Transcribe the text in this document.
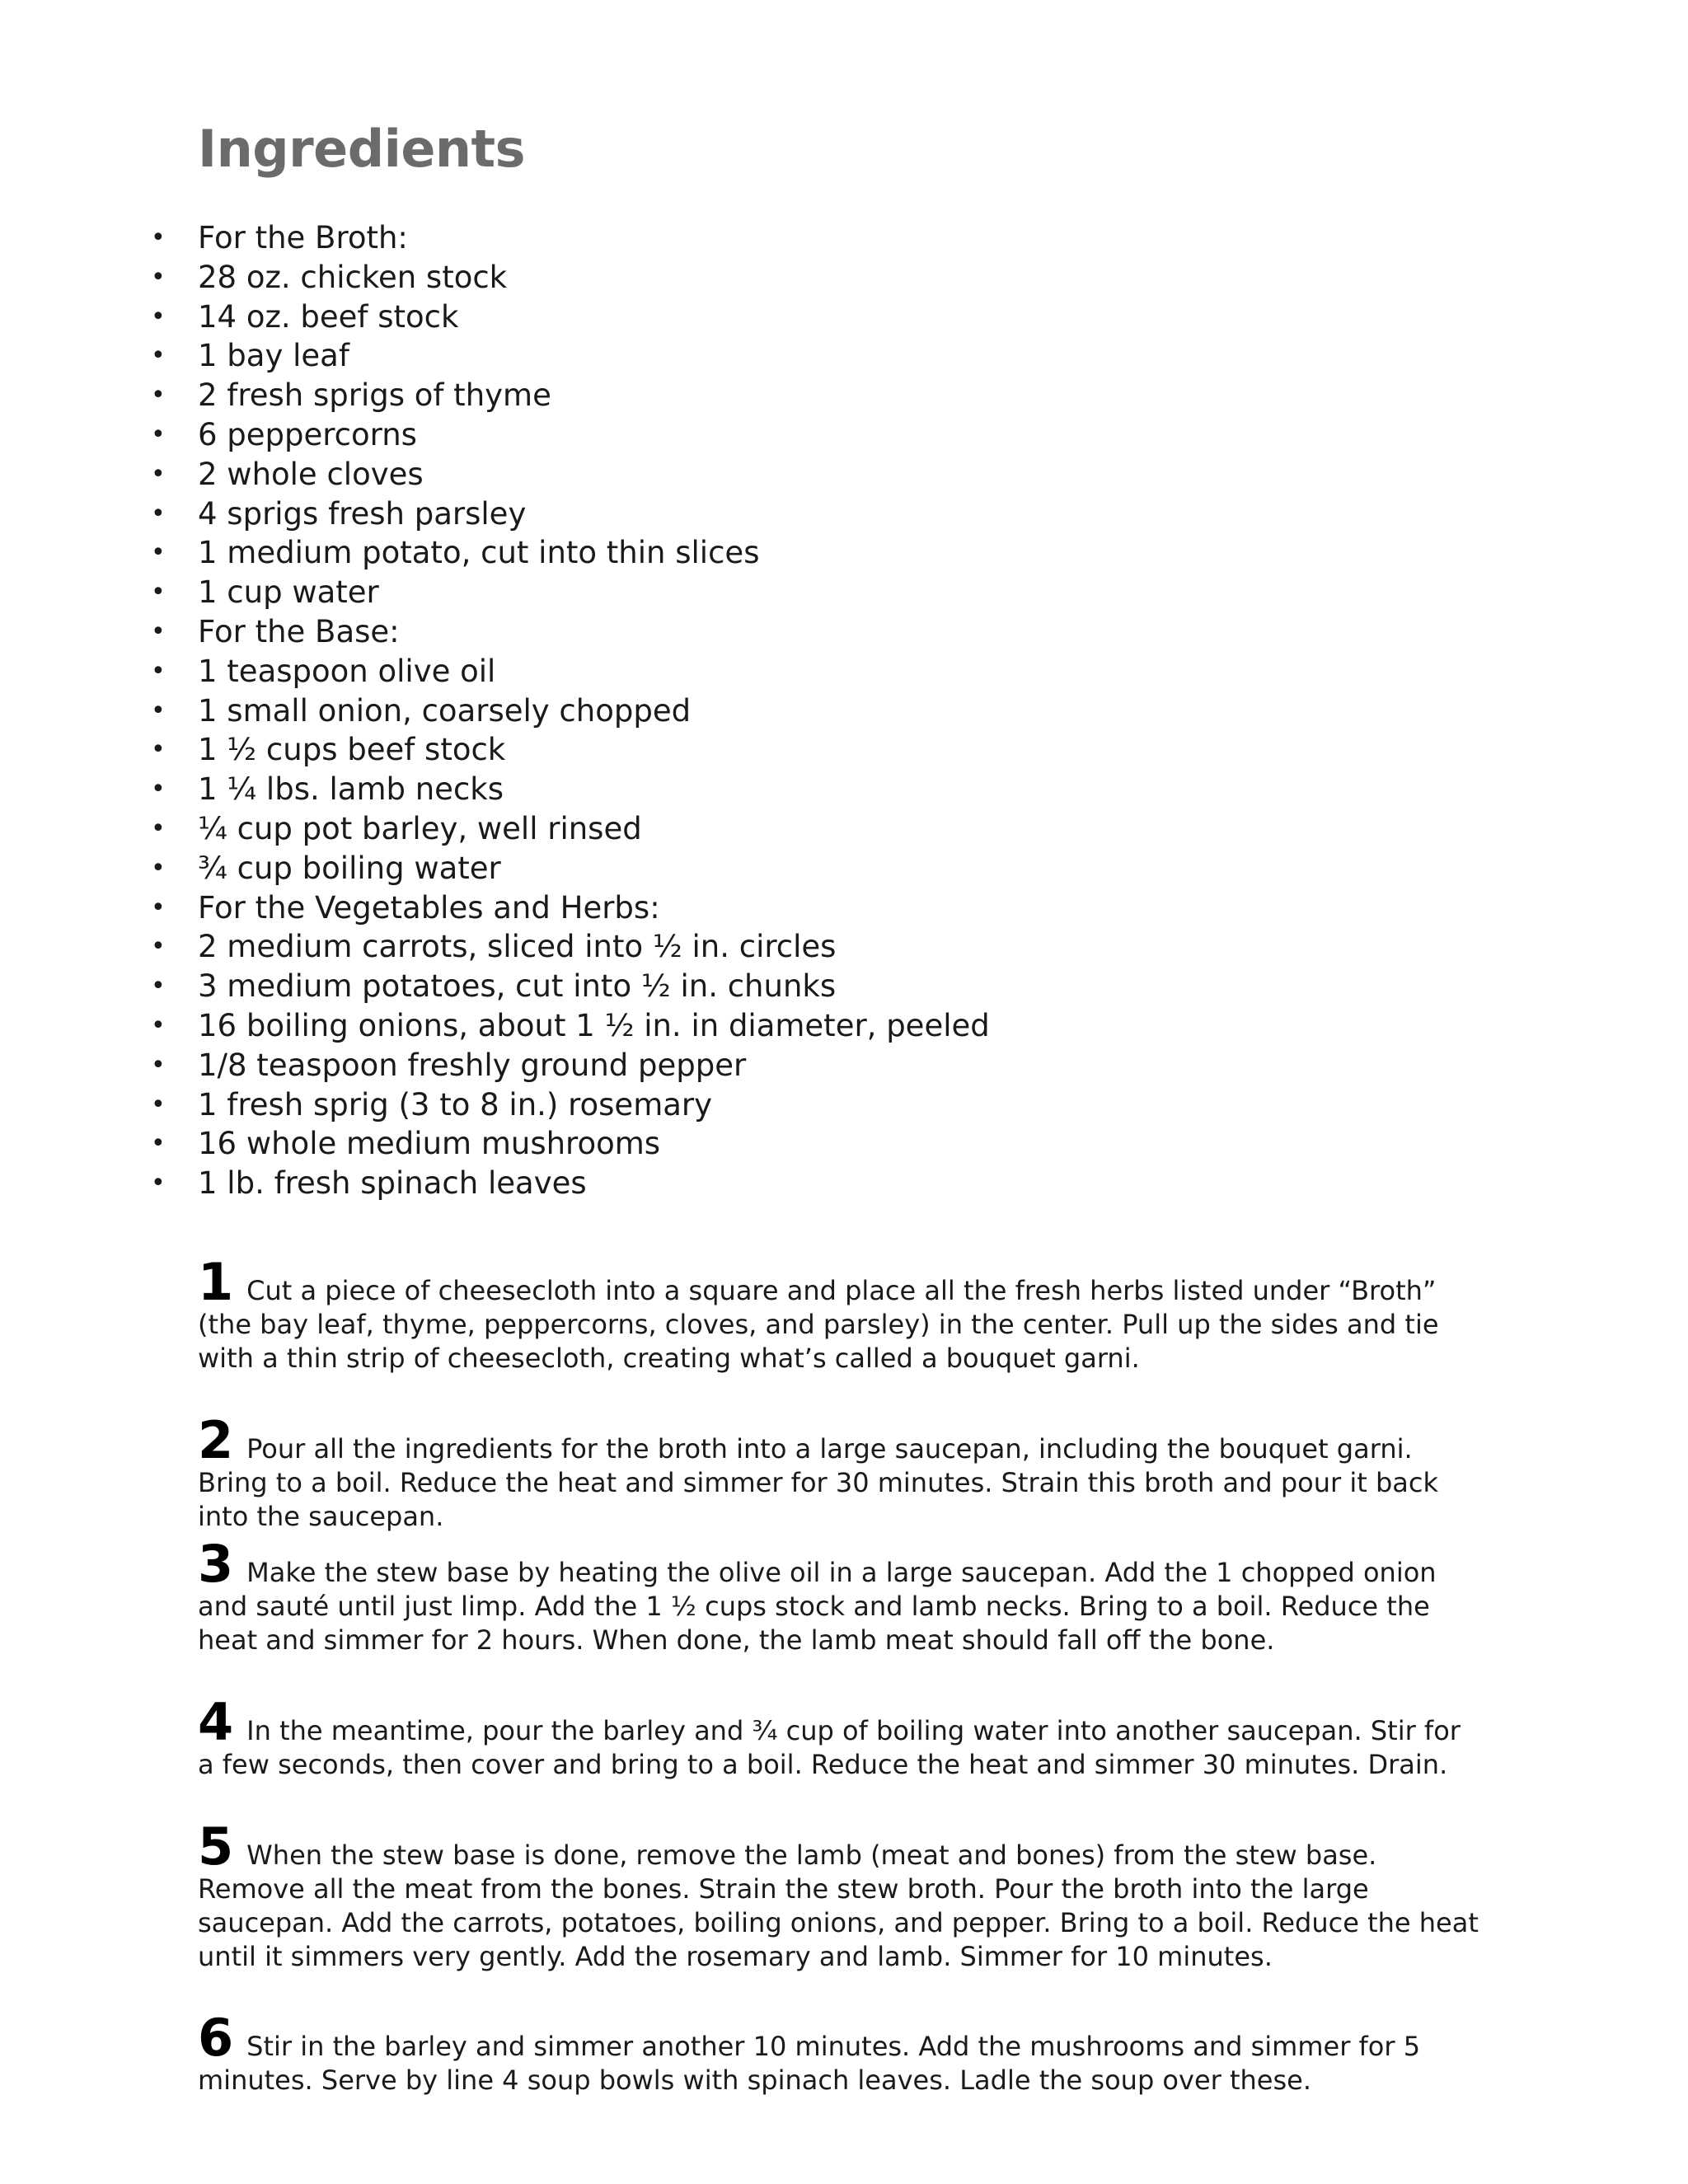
Ingredients
• For the Broth:
• 28 oz. chicken stock
• 14 oz. beef stock
• 1 bay leaf
• 2 fresh sprigs of thyme
• 6 peppercorns
• 2 whole cloves
• 4 sprigs fresh parsley
• 1 medium potato, cut into thin slices
• 1 cup water
• For the Base:
• 1 teaspoon olive oil
• 1 small onion, coarsely chopped
• 1 ½ cups beef stock
• 1 ¼ lbs. lamb necks
• ¼ cup pot barley, well rinsed
• ¾ cup boiling water
• For the Vegetables and Herbs:
• 2 medium carrots, sliced into ½ in. circles
• 3 medium potatoes, cut into ½ in. chunks
• 16 boiling onions, about 1 ½ in. in diameter, peeled
• 1/8 teaspoon freshly ground pepper
• 1 fresh sprig (3 to 8 in.) rosemary
• 16 whole medium mushrooms
• 1 lb. fresh spinach leaves

1 Cut a piece of cheesecloth into a square and place all the fresh herbs listed under “Broth” (the bay leaf, thyme, peppercorns, cloves, and parsley) in the center. Pull up the sides and tie with a thin strip of cheesecloth, creating what’s called a bouquet garni.

2 Pour all the ingredients for the broth into a large saucepan, including the bouquet garni. Bring to a boil. Reduce the heat and simmer for 30 minutes. Strain this broth and pour it back into the saucepan.

3 Make the stew base by heating the olive oil in a large saucepan. Add the 1 chopped onion and sauté until just limp. Add the 1 ½ cups stock and lamb necks. Bring to a boil. Reduce the heat and simmer for 2 hours. When done, the lamb meat should fall off the bone.

4 In the meantime, pour the barley and ¾ cup of boiling water into another saucepan. Stir for a few seconds, then cover and bring to a boil. Reduce the heat and simmer 30 minutes. Drain.

5 When the stew base is done, remove the lamb (meat and bones) from the stew base. Remove all the meat from the bones. Strain the stew broth. Pour the broth into the large saucepan. Add the carrots, potatoes, boiling onions, and pepper. Bring to a boil. Reduce the heat until it simmers very gently. Add the rosemary and lamb. Simmer for 10 minutes.

6 Stir in the barley and simmer another 10 minutes. Add the mushrooms and simmer for 5 minutes. Serve by line 4 soup bowls with spinach leaves. Ladle the soup over these.
